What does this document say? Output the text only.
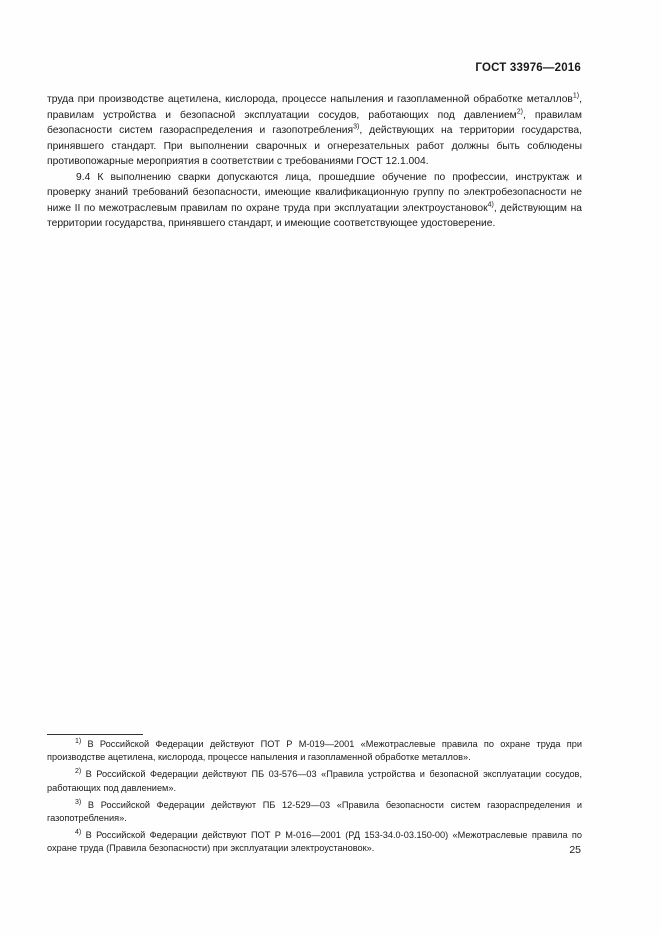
ГОСТ 33976—2016

труда при производстве ацетилена, кислорода, процессе напыления и газопламенной обработке металлов$^{1)}$, правилам устройства и безопасной эксплуатации сосудов, работающих под давлением$^{2)}$, правилам безопасности систем газораспределения и газопотребления$^{3)}$, действующих на территории государства, принявшего стандарт. При выполнении сварочных и огнерезательных работ должны быть соблюдены противопожарные мероприятия в соответствии с требованиями ГОСТ 12.1.004.

9.4 К выполнению сварки допускаются лица, прошедшие обучение по профессии, инструктаж и проверку знаний требований безопасности, имеющие квалификационную группу по электробезопасности не ниже II по межотраслевым правилам по охране труда при эксплуатации электроустановок$^{4)}$, действующим на территории государства, принявшего стандарт, и имеющие соответствующее удостоверение.

$^{1)}$ В Российской Федерации действуют ПОТ Р М-019—2001 «Межотраслевые правила по охране труда при производстве ацетилена, кислорода, процессе напыления и газопламенной обработке металлов».

$^{2)}$ В Российской Федерации действуют ПБ 03-576—03 «Правила устройства и безопасной эксплуатации сосудов, работающих под давлением».

$^{3)}$ В Российской Федерации действуют ПБ 12-529—03 «Правила безопасности систем газораспределения и газопотребления».

$^{4)}$ В Российской Федерации действуют ПОТ Р М-016—2001 (РД 153-34.0-03.150-00) «Межотраслевые правила по охране труда (Правила безопасности) при эксплуатации электроустановок».	25
